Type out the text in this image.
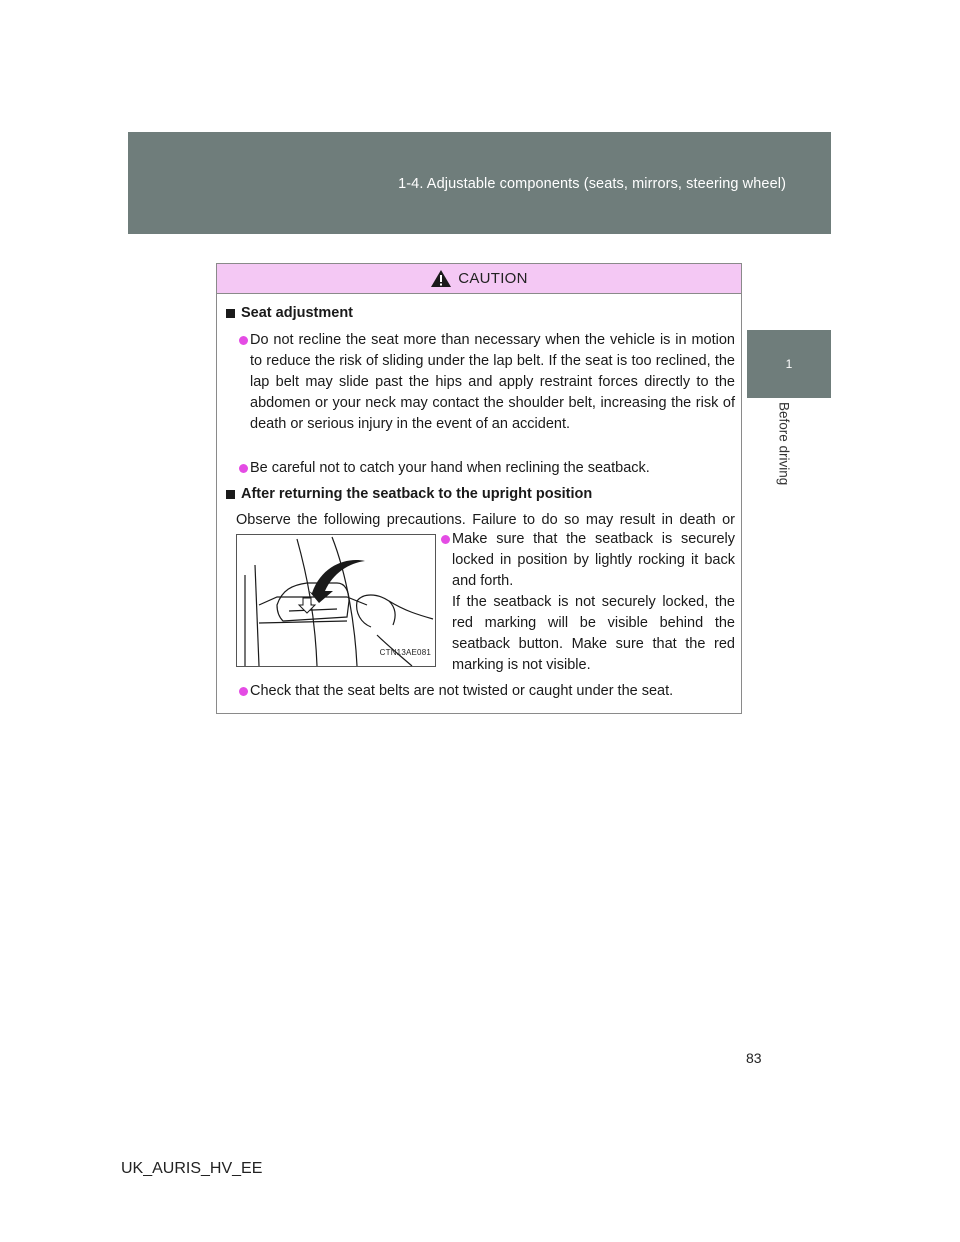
1-4. Adjustable components (seats, mirrors, steering wheel)
1
Before driving
CAUTION
Seat adjustment
Do not recline the seat more than necessary when the vehicle is in motion to reduce the risk of sliding under the lap belt. If the seat is too reclined, the lap belt may slide past the hips and apply restraint forces directly to the abdomen or your neck may contact the shoulder belt, increasing the risk of death or serious injury in the event of an accident.
Be careful not to catch your hand when reclining the seatback.
After returning the seatback to the upright position
Observe the following precautions. Failure to do so may result in death or
CTN13AE081
Make sure that the seatback is securely locked in position by lightly rocking it back and forth.
If the seatback is not securely locked, the red marking will be visible behind the seatback button. Make sure that the red marking is not visible.
Check that the seat belts are not twisted or caught under the seat.
83
UK_AURIS_HV_EE
